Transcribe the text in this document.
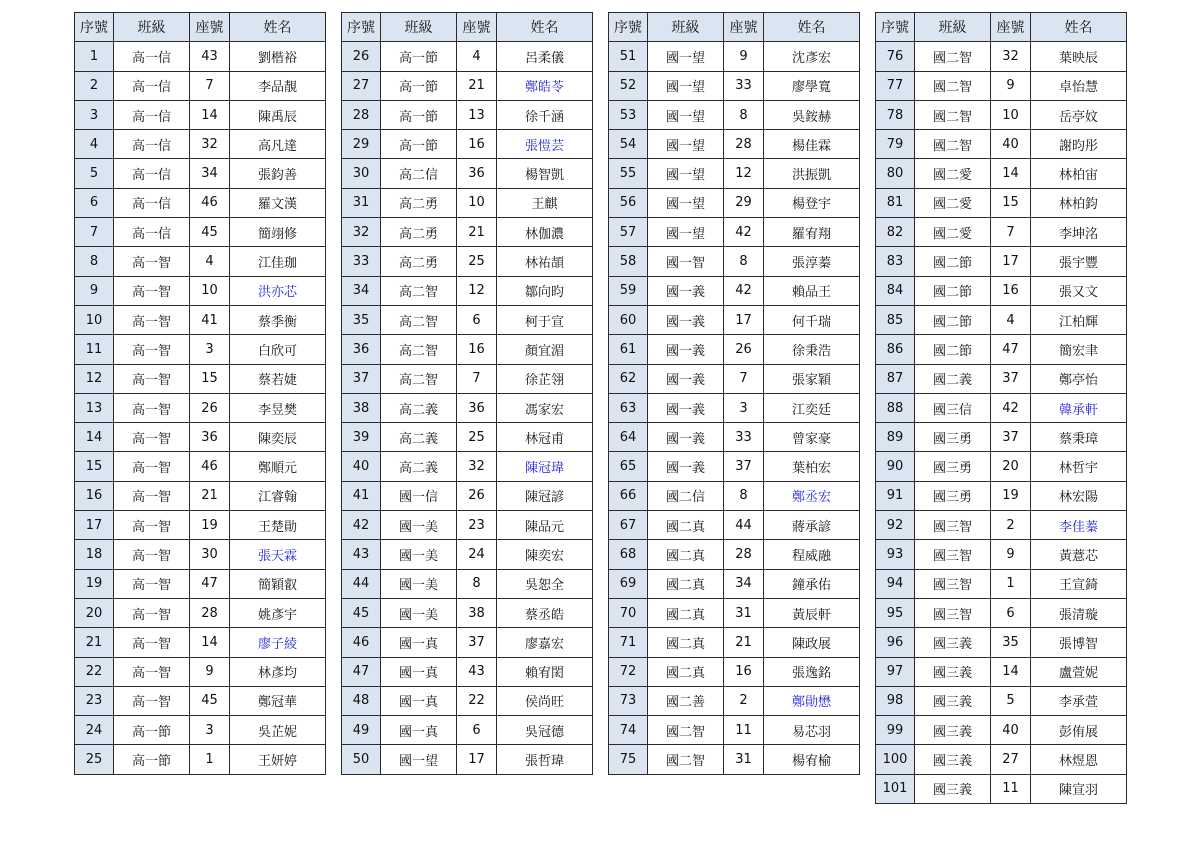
序號	班級	座號	姓名
1	高一信	43	劉楷裕
2	高一信	7	李品靚
3	高一信	14	陳禹辰
4	高一信	32	高凡達
5	高一信	34	張鈞善
6	高一信	46	羅文漢
7	高一信	45	簡翊修
8	高一智	4	江佳珈
9	高一智	10	洪亦芯
10	高一智	41	蔡季衡
11	高一智	3	白欣可
12	高一智	15	蔡若婕
13	高一智	26	李昱樊
14	高一智	36	陳奕辰
15	高一智	46	鄭順元
16	高一智	21	江睿翰
17	高一智	19	王楚勛
18	高一智	30	張天霖
19	高一智	47	簡穎叡
20	高一智	28	姚彥宇
21	高一智	14	廖子綾
22	高一智	9	林彥均
23	高一智	45	鄭冠華
24	高一節	3	吳芷妮
25	高一節	1	王妍婷
序號	班級	座號	姓名
26	高一節	4	呂柔儀
27	高一節	21	鄭皓苓
28	高一節	13	徐千涵
29	高一節	16	張愷芸
30	高二信	36	楊智凱
31	高二勇	10	王麒
32	高二勇	21	林伽濃
33	高二勇	25	林祐頡
34	高二智	12	鄒向昀
35	高二智	6	柯于宣
36	高二智	16	顏宜湄
37	高二智	7	徐芷翎
38	高二義	36	馮家宏
39	高二義	25	林冠甫
40	高二義	32	陳冠瑋
41	國一信	26	陳冠諺
42	國一美	23	陳品元
43	國一美	24	陳奕宏
44	國一美	8	吳恕全
45	國一美	38	蔡丞皓
46	國一真	37	廖嘉宏
47	國一真	43	賴宥閎
48	國一真	22	侯尚旺
49	國一真	6	吳冠德
50	國一望	17	張哲瑋
序號	班級	座號	姓名
51	國一望	9	沈彥宏
52	國一望	33	廖學寬
53	國一望	8	吳銨赫
54	國一望	28	楊佳霖
55	國一望	12	洪振凱
56	國一望	29	楊登宇
57	國一望	42	羅宥翔
58	國一智	8	張淳蓁
59	國一義	42	賴品王
60	國一義	17	何千瑞
61	國一義	26	徐秉浩
62	國一義	7	張家穎
63	國一義	3	江奕廷
64	國一義	33	曾家豪
65	國一義	37	葉柏宏
66	國二信	8	鄭丞宏
67	國二真	44	蔣承諺
68	國二真	28	程威融
69	國二真	34	鐘承佑
70	國二真	31	黃辰軒
71	國二真	21	陳政展
72	國二真	16	張逸銘
73	國二善	2	鄭勛懋
74	國二智	11	易芯羽
75	國二智	31	楊宥榆
序號	班級	座號	姓名
76	國二智	32	葉映辰
77	國二智	9	卓怡慧
78	國二智	10	岳亭妏
79	國二智	40	謝昀彤
80	國二愛	14	林柏宙
81	國二愛	15	林柏鈞
82	國二愛	7	李坤洺
83	國二節	17	張宇豐
84	國二節	16	張又文
85	國二節	4	江柏輝
86	國二節	47	簡宏聿
87	國二義	37	鄭亭怡
88	國三信	42	韓承軒
89	國三勇	37	蔡秉璋
90	國三勇	20	林哲宇
91	國三勇	19	林宏陽
92	國三智	2	李佳蓁
93	國三智	9	黃薏芯
94	國三智	1	王宣錡
95	國三智	6	張清璇
96	國三義	35	張博智
97	國三義	14	盧萱妮
98	國三義	5	李承萱
99	國三義	40	彭侑展
100	國三義	27	林煜恩
101	國三義	11	陳宣羽
